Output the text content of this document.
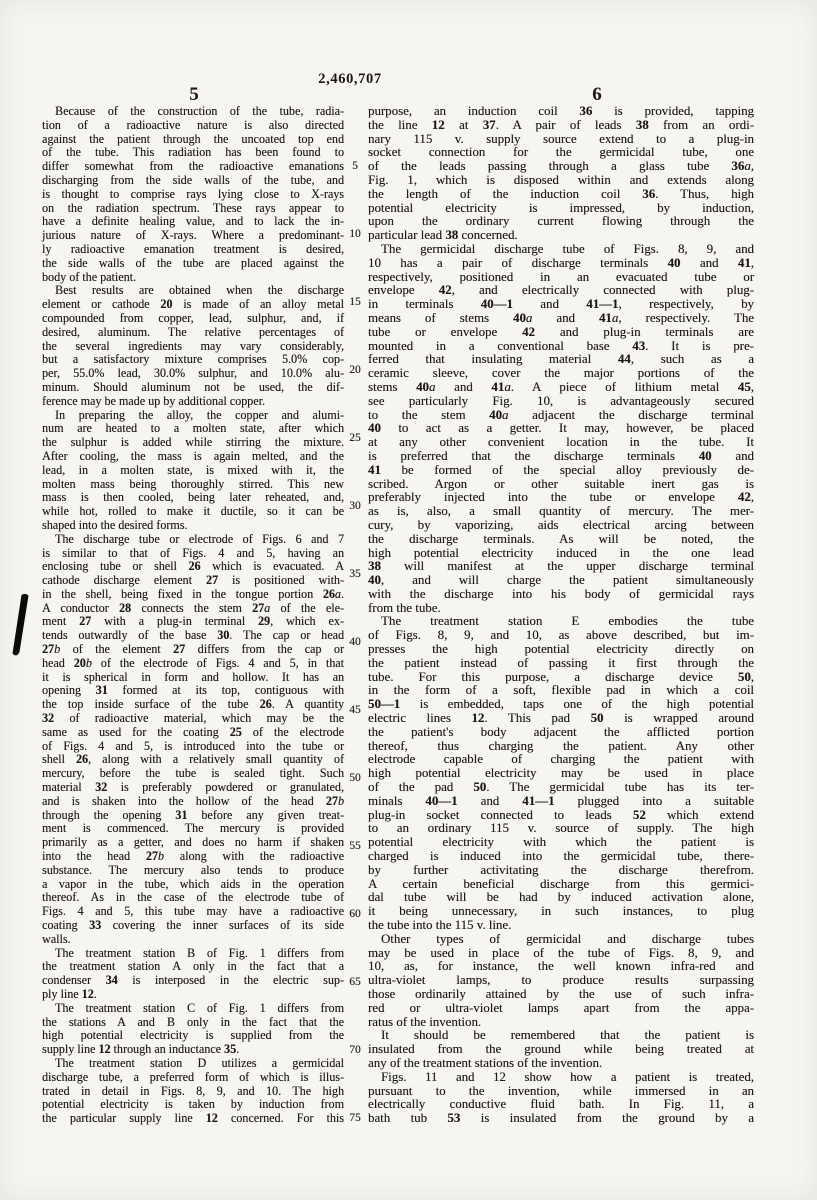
2,460,707
5	6
Because of the construction of the tube, radia-
tion of a radioactive nature is also directed
against the patient through the uncoated top end
of the tube. This radiation has been found to
differ somewhat from the radioactive emanations
discharging from the side walls of the tube, and
is thought to comprise rays lying close to X-rays
on the radiation spectrum. These rays appear to
have a definite healing value, and to lack the in-
jurious nature of X-rays. Where a predominant-
ly radioactive emanation treatment is desired,
the side walls of the tube are placed against the
body of the patient.
Best results are obtained when the discharge
element or cathode 20 is made of an alloy metal
compounded from copper, lead, sulphur, and, if
desired, aluminum. The relative percentages of
the several ingredients may vary considerably,
but a satisfactory mixture comprises 5.0% cop-
per, 55.0% lead, 30.0% sulphur, and 10.0% alu-
minum. Should aluminum not be used, the dif-
ference may be made up by additional copper.
In preparing the alloy, the copper and alumi-
num are heated to a molten state, after which
the sulphur is added while stirring the mixture.
After cooling, the mass is again melted, and the
lead, in a molten state, is mixed with it, the
molten mass being thoroughly stirred. This new
mass is then cooled, being later reheated, and,
while hot, rolled to make it ductile, so it can be
shaped into the desired forms.
The discharge tube or electrode of Figs. 6 and 7
is similar to that of Figs. 4 and 5, having an
enclosing tube or shell 26 which is evacuated. A
cathode discharge element 27 is positioned with-
in the shell, being fixed in the tongue portion 26a.
A conductor 28 connects the stem 27a of the ele-
ment 27 with a plug-in terminal 29, which ex-
tends outwardly of the base 30. The cap or head
27b of the element 27 differs from the cap or
head 20b of the electrode of Figs. 4 and 5, in that
it is spherical in form and hollow. It has an
opening 31 formed at its top, contiguous with
the top inside surface of the tube 26. A quantity
32 of radioactive material, which may be the
same as used for the coating 25 of the electrode
of Figs. 4 and 5, is introduced into the tube or
shell 26, along with a relatively small quantity of
mercury, before the tube is sealed tight. Such
material 32 is preferably powdered or granulated,
and is shaken into the hollow of the head 27b
through the opening 31 before any given treat-
ment is commenced. The mercury is provided
primarily as a getter, and does no harm if shaken
into the head 27b along with the radioactive
substance. The mercury also tends to produce
a vapor in the tube, which aids in the operation
thereof. As in the case of the electrode tube of
Figs. 4 and 5, this tube may have a radioactive
coating 33 covering the inner surfaces of its side
walls.
The treatment station B of Fig. 1 differs from
the treatment station A only in the fact that a
condenser 34 is interposed in the electric sup-
ply line 12.
The treatment station C of Fig. 1 differs from
the stations A and B only in the fact that the
high potential electricity is supplied from the
supply line 12 through an inductance 35.
The treatment station D utilizes a germicidal
discharge tube, a preferred form of which is illus-
trated in detail in Figs. 8, 9, and 10. The high
potential electricity is taken by induction from
the particular supply line 12 concerned. For this
purpose, an induction coil 36 is provided, tapping
the line 12 at 37. A pair of leads 38 from an ordi-
nary 115 v. supply source extend to a plug-in
socket connection for the germicidal tube, one
of the leads passing through a glass tube 36a,
Fig. 1, which is disposed within and extends along
the length of the induction coil 36. Thus, high
potential electricity is impressed, by induction,
upon the ordinary current flowing through the
particular lead 38 concerned.
The germicidal discharge tube of Figs. 8, 9, and
10 has a pair of discharge terminals 40 and 41,
respectively, positioned in an evacuated tube or
envelope 42, and electrically connected with plug-
in terminals 40—1 and 41—1, respectively, by
means of stems 40a and 41a, respectively. The
tube or envelope 42 and plug-in terminals are
mounted in a conventional base 43. It is pre-
ferred that insulating material 44, such as a
ceramic sleeve, cover the major portions of the
stems 40a and 41a. A piece of lithium metal 45,
see particularly Fig. 10, is advantageously secured
to the stem 40a adjacent the discharge terminal
40 to act as a getter. It may, however, be placed
at any other convenient location in the tube. It
is preferred that the discharge terminals 40 and
41 be formed of the special alloy previously de-
scribed. Argon or other suitable inert gas is
preferably injected into the tube or envelope 42,
as is, also, a small quantity of mercury. The mer-
cury, by vaporizing, aids electrical arcing between
the discharge terminals. As will be noted, the
high potential electricity induced in the one lead
38 will manifest at the upper discharge terminal
40, and will charge the patient simultaneously
with the discharge into his body of germicidal rays
from the tube.
The treatment station E embodies the tube
of Figs. 8, 9, and 10, as above described, but im-
presses the high potential electricity directly on
the patient instead of passing it first through the
tube. For this purpose, a discharge device 50,
in the form of a soft, flexible pad in which a coil
50—1 is embedded, taps one of the high potential
electric lines 12. This pad 50 is wrapped around
the patient's body adjacent the afflicted portion
thereof, thus charging the patient. Any other
electrode capable of charging the patient with
high potential electricity may be used in place
of the pad 50. The germicidal tube has its ter-
minals 40—1 and 41—1 plugged into a suitable
plug-in socket connected to leads 52 which extend
to an ordinary 115 v. source of supply. The high
potential electricity with which the patient is
charged is induced into the germicidal tube, there-
by further activitating the discharge therefrom.
A certain beneficial discharge from this germici-
dal tube will be had by induced activation alone,
it being unnecessary, in such instances, to plug
the tube into the 115 v. line.
Other types of germicidal and discharge tubes
may be used in place of the tube of Figs. 8, 9, and
10, as, for instance, the well known infra-red and
ultra-violet lamps, to produce results surpassing
those ordinarily attained by the use of such infra-
red or ultra-violet lamps apart from the appa-
ratus of the invention.
It should be remembered that the patient is
insulated from the ground while being treated at
any of the treatment stations of the invention.
Figs. 11 and 12 show how a patient is treated,
pursuant to the invention, while immersed in an
electrically conductive fluid bath. In Fig. 11, a
bath tub 53 is insulated from the ground by a
5
10
15
20
25
30
35
40
45
50
55
60
65
70
75
